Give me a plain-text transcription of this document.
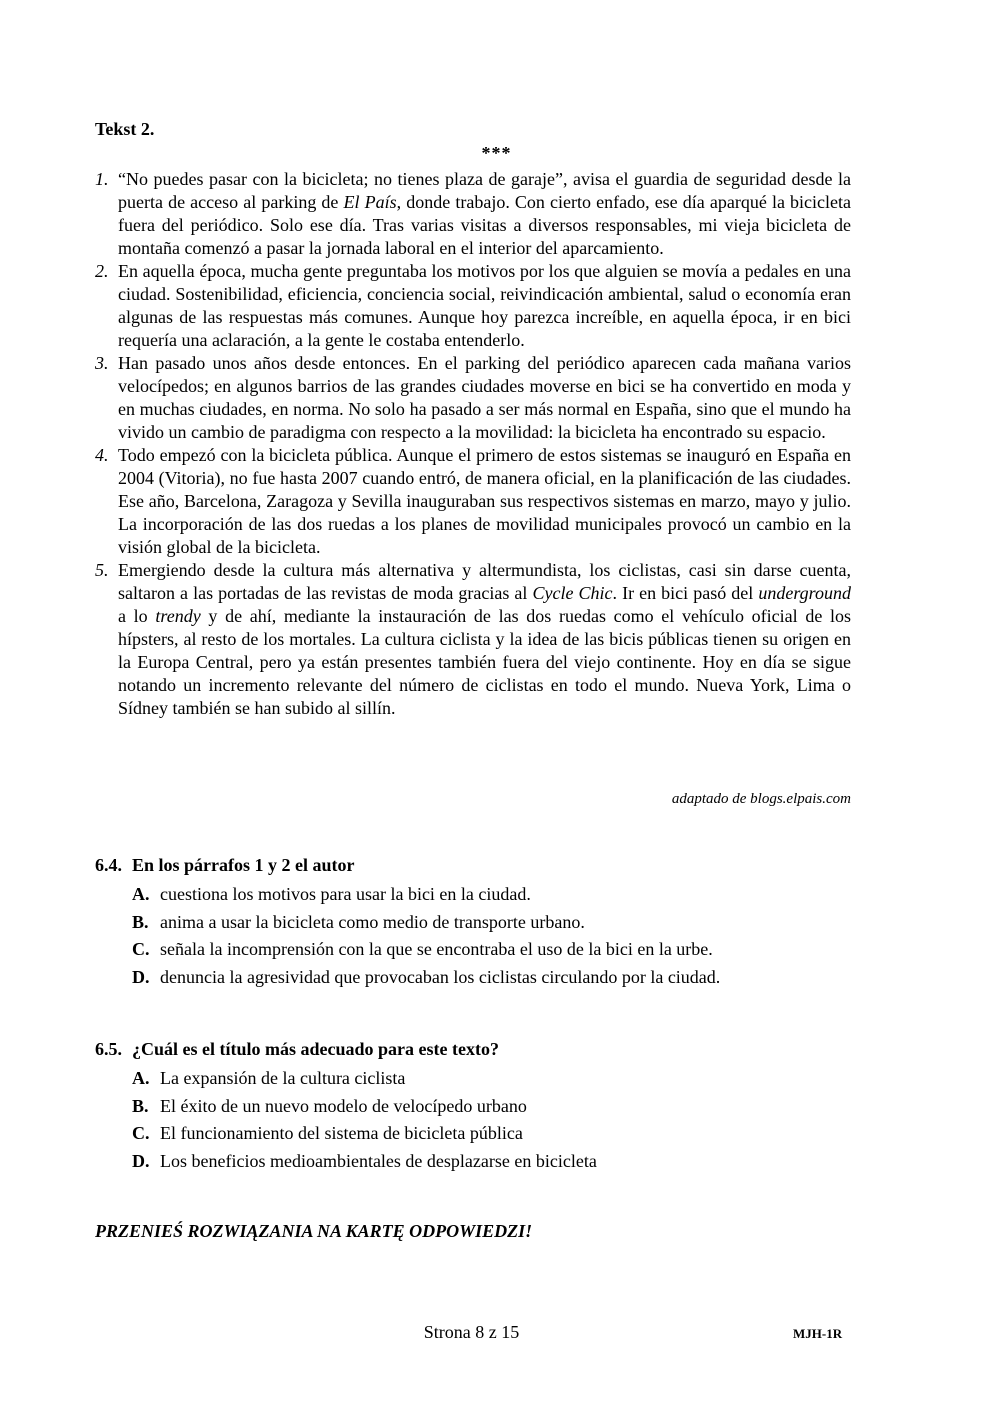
Tekst 2.
***
1. “No puedes pasar con la bicicleta; no tienes plaza de garaje”, avisa el guardia de seguridad desde la puerta de acceso al parking de El País, donde trabajo. Con cierto enfado, ese día aparqué la bicicleta fuera del periódico. Solo ese día. Tras varias visitas a diversos responsables, mi vieja bicicleta de montaña comenzó a pasar la jornada laboral en el interior del aparcamiento.
2. En aquella época, mucha gente preguntaba los motivos por los que alguien se movía a pedales en una ciudad. Sostenibilidad, eficiencia, conciencia social, reivindicación ambiental, salud o economía eran algunas de las respuestas más comunes. Aunque hoy parezca increíble, en aquella época, ir en bici requería una aclaración, a la gente le costaba entenderlo.
3. Han pasado unos años desde entonces. En el parking del periódico aparecen cada mañana varios velocípedos; en algunos barrios de las grandes ciudades moverse en bici se ha convertido en moda y en muchas ciudades, en norma. No solo ha pasado a ser más normal en España, sino que el mundo ha vivido un cambio de paradigma con respecto a la movilidad: la bicicleta ha encontrado su espacio.
4. Todo empezó con la bicicleta pública. Aunque el primero de estos sistemas se inauguró en España en 2004 (Vitoria), no fue hasta 2007 cuando entró, de manera oficial, en la planificación de las ciudades. Ese año, Barcelona, Zaragoza y Sevilla inauguraban sus respectivos sistemas en marzo, mayo y julio. La incorporación de las dos ruedas a los planes de movilidad municipales provocó un cambio en la visión global de la bicicleta.
5. Emergiendo desde la cultura más alternativa y altermundista, los ciclistas, casi sin darse cuenta, saltaron a las portadas de las revistas de moda gracias al Cycle Chic. Ir en bici pasó del underground a lo trendy y de ahí, mediante la instauración de las dos ruedas como el vehículo oficial de los hípsters, al resto de los mortales. La cultura ciclista y la idea de las bicis públicas tienen su origen en la Europa Central, pero ya están presentes también fuera del viejo continente. Hoy en día se sigue notando un incremento relevante del número de ciclistas en todo el mundo. Nueva York, Lima o Sídney también se han subido al sillín.
adaptado de blogs.elpais.com

6.4. En los párrafos 1 y 2 el autor

A. cuestiona los motivos para usar la bici en la ciudad.
B. anima a usar la bicicleta como medio de transporte urbano.
C. señala la incomprensión con la que se encontraba el uso de la bici en la urbe.
D. denuncia la agresividad que provocaban los ciclistas circulando por la ciudad.

6.5. ¿Cuál es el título más adecuado para este texto?

A. La expansión de la cultura ciclista
B. El éxito de un nuevo modelo de velocípedo urbano
C. El funcionamiento del sistema de bicicleta pública
D. Los beneficios medioambientales de desplazarse en bicicleta
PRZENIEŚ ROZWIĄZANIA NA KARTĘ ODPOWIEDZI!
Strona 8 z 15	MJH-1R
